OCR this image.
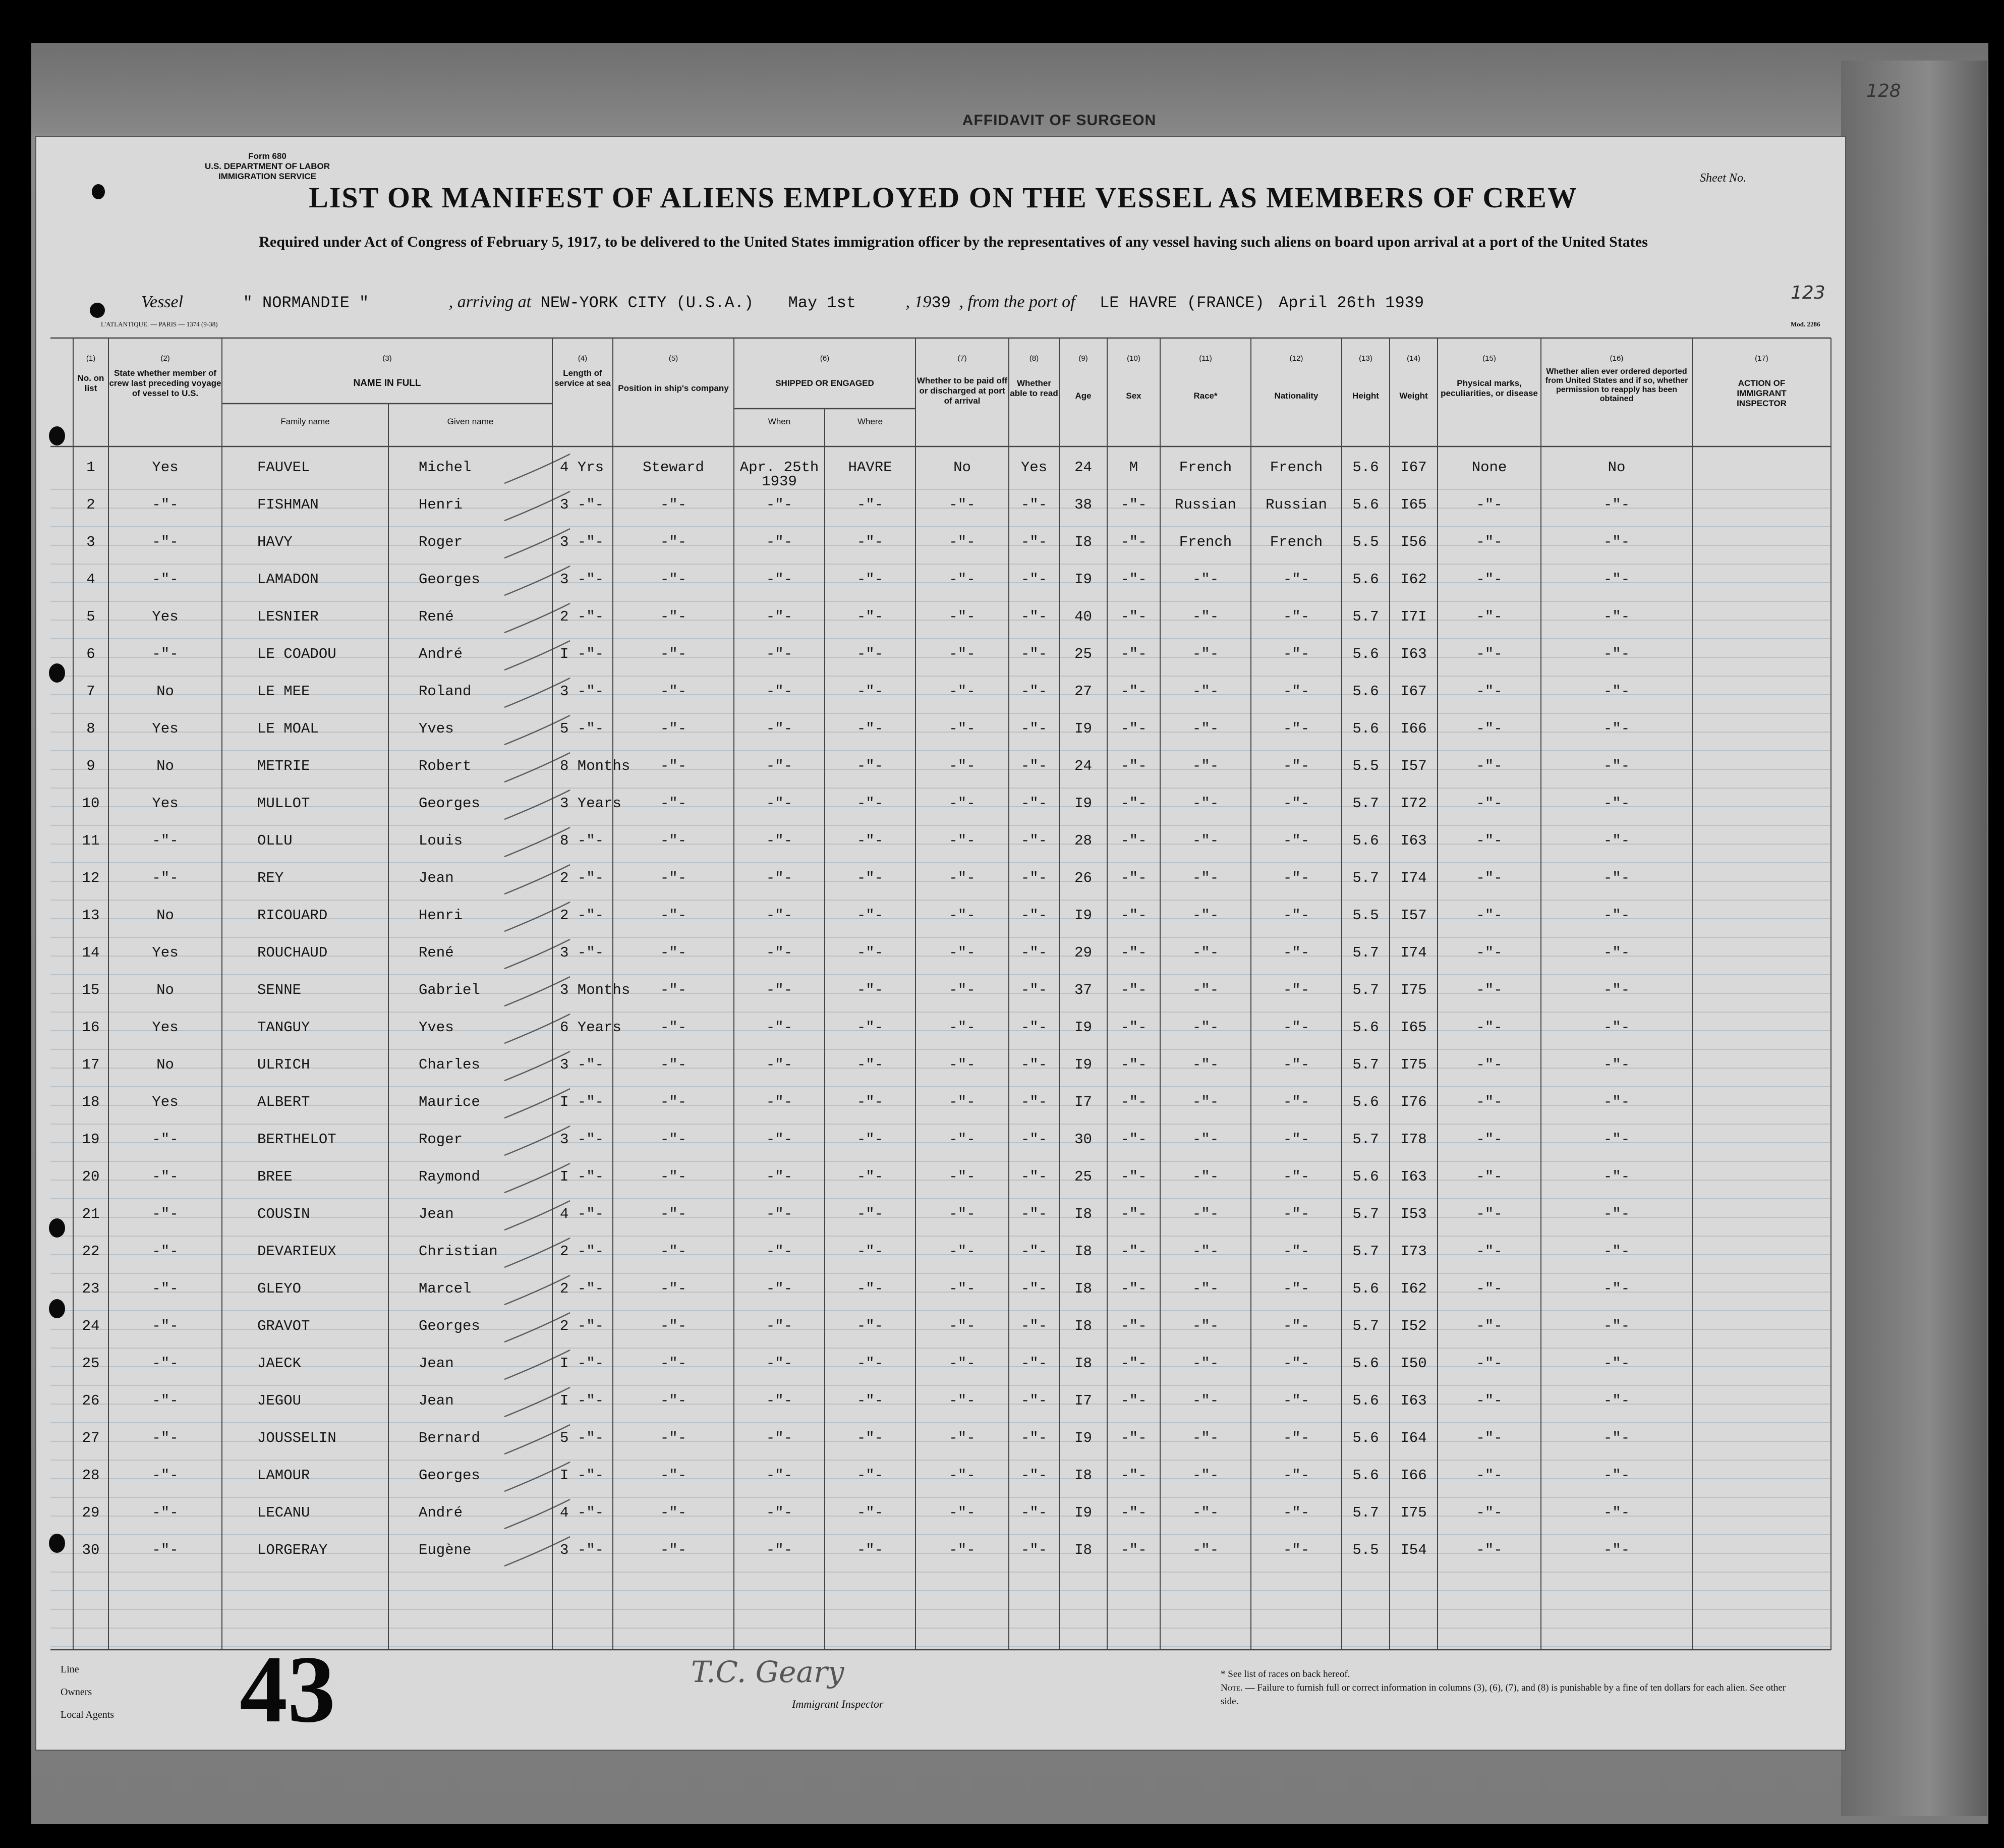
AFFIDAVIT OF SURGEON
128
Form 680
U.S. DEPARTMENT OF LABOR
IMMIGRATION SERVICE	Sheet No.
LIST OR MANIFEST OF ALIENS EMPLOYED ON THE VESSEL AS MEMBERS OF CREW
Required under Act of Congress of February 5, 1917, to be delivered to the United States immigration officer by the representatives of any vessel having such aliens on board upon arrival at a port of the United States
123
Vessel	" NORMANDIE "	, arriving at NEW-YORK CITY (U.S.A.) May 1st	, 1939 , from the port of LE HAVRE (FRANCE) April 26th 1939
L'ATLANTIQUE. — PARIS — 1374 (9-38)	Mod. 2286
(1)
No. on list
(2)
State whether member of crew last preceding voyage of vessel to U.S.
(3)
NAME IN FULL
Family name	Given name
(4)
Length of service at sea
(5)
Position in ship's company
(6)
SHIPPED OR ENGAGED
When	Where
(7)
Whether to be paid off or discharged at port of arrival
(8)
Whether able to read
(9)
Age
(10)
Sex
(11)
Race*
(12)
Nationality
(13)
Height
(14)
Weight
(15)
Physical marks, peculiarities, or disease
(16)
Whether alien ever ordered deported from United States and if so, whether permission to reapply has been obtained
(17)
ACTION OF IMMIGRANT INSPECTOR
1	Yes	FAUVEL	Michel	4 Yrs	Steward	Apr. 25th	HAVRE	No	Yes	24	M	French	French	5.6	I67	None	No
1939
2	-"-	FISHMAN	Henri	3 -"-	-"-	-"-	-"-	-"-	-"-	38	-"-	Russian	Russian	5.6	I65	-"-	-"-
3	-"-	HAVY	Roger	3 -"-	-"-	-"-	-"-	-"-	-"-	I8	-"-	French	French	5.5	I56	-"-	-"-
4	-"-	LAMADON	Georges	3 -"-	-"-	-"-	-"-	-"-	-"-	I9	-"-	-"-	-"-	5.6	I62	-"-	-"-
5	Yes	LESNIER	René	2 -"-	-"-	-"-	-"-	-"-	-"-	40	-"-	-"-	-"-	5.7	I7I	-"-	-"-
6	-"-	LE COADOU	André	I -"-	-"-	-"-	-"-	-"-	-"-	25	-"-	-"-	-"-	5.6	I63	-"-	-"-
7	No	LE MEE	Roland	3 -"-	-"-	-"-	-"-	-"-	-"-	27	-"-	-"-	-"-	5.6	I67	-"-	-"-
8	Yes	LE MOAL	Yves	5 -"-	-"-	-"-	-"-	-"-	-"-	I9	-"-	-"-	-"-	5.6	I66	-"-	-"-
9	No	METRIE	Robert	8 Months	-"-	-"-	-"-	-"-	-"-	24	-"-	-"-	-"-	5.5	I57	-"-	-"-
10	Yes	MULLOT	Georges	3 Years	-"-	-"-	-"-	-"-	-"-	I9	-"-	-"-	-"-	5.7	I72	-"-	-"-
11	-"-	OLLU	Louis	8 -"-	-"-	-"-	-"-	-"-	-"-	28	-"-	-"-	-"-	5.6	I63	-"-	-"-
12	-"-	REY	Jean	2 -"-	-"-	-"-	-"-	-"-	-"-	26	-"-	-"-	-"-	5.7	I74	-"-	-"-
13	No	RICOUARD	Henri	2 -"-	-"-	-"-	-"-	-"-	-"-	I9	-"-	-"-	-"-	5.5	I57	-"-	-"-
14	Yes	ROUCHAUD	René	3 -"-	-"-	-"-	-"-	-"-	-"-	29	-"-	-"-	-"-	5.7	I74	-"-	-"-
15	No	SENNE	Gabriel	3 Months	-"-	-"-	-"-	-"-	-"-	37	-"-	-"-	-"-	5.7	I75	-"-	-"-
16	Yes	TANGUY	Yves	6 Years	-"-	-"-	-"-	-"-	-"-	I9	-"-	-"-	-"-	5.6	I65	-"-	-"-
17	No	ULRICH	Charles	3 -"-	-"-	-"-	-"-	-"-	-"-	I9	-"-	-"-	-"-	5.7	I75	-"-	-"-
18	Yes	ALBERT	Maurice	I -"-	-"-	-"-	-"-	-"-	-"-	I7	-"-	-"-	-"-	5.6	I76	-"-	-"-
19	-"-	BERTHELOT	Roger	3 -"-	-"-	-"-	-"-	-"-	-"-	30	-"-	-"-	-"-	5.7	I78	-"-	-"-
20	-"-	BREE	Raymond	I -"-	-"-	-"-	-"-	-"-	-"-	25	-"-	-"-	-"-	5.6	I63	-"-	-"-
21	-"-	COUSIN	Jean	4 -"-	-"-	-"-	-"-	-"-	-"-	I8	-"-	-"-	-"-	5.7	I53	-"-	-"-
22	-"-	DEVARIEUX	Christian	2 -"-	-"-	-"-	-"-	-"-	-"-	I8	-"-	-"-	-"-	5.7	I73	-"-	-"-
23	-"-	GLEYO	Marcel	2 -"-	-"-	-"-	-"-	-"-	-"-	I8	-"-	-"-	-"-	5.6	I62	-"-	-"-
24	-"-	GRAVOT	Georges	2 -"-	-"-	-"-	-"-	-"-	-"-	I8	-"-	-"-	-"-	5.7	I52	-"-	-"-
25	-"-	JAECK	Jean	I -"-	-"-	-"-	-"-	-"-	-"-	I8	-"-	-"-	-"-	5.6	I50	-"-	-"-
26	-"-	JEGOU	Jean	I -"-	-"-	-"-	-"-	-"-	-"-	I7	-"-	-"-	-"-	5.6	I63	-"-	-"-
27	-"-	JOUSSELIN	Bernard	5 -"-	-"-	-"-	-"-	-"-	-"-	I9	-"-	-"-	-"-	5.6	I64	-"-	-"-
28	-"-	LAMOUR	Georges	I -"-	-"-	-"-	-"-	-"-	-"-	I8	-"-	-"-	-"-	5.6	I66	-"-	-"-
29	-"-	LECANU	André	4 -"-	-"-	-"-	-"-	-"-	-"-	I9	-"-	-"-	-"-	5.7	I75	-"-	-"-
30	-"-	LORGERAY	Eugène	3 -"-	-"-	-"-	-"-	-"-	-"-	I8	-"-	-"-	-"-	5.5	I54	-"-	-"-
Line
Owners
Local Agents 43	T.C. Geary
Immigrant Inspector
* See list of races on back hereof.
Note. — Failure to furnish full or correct information in columns (3), (6), (7), and (8) is punishable by a fine of ten dollars for each alien. See other side.
